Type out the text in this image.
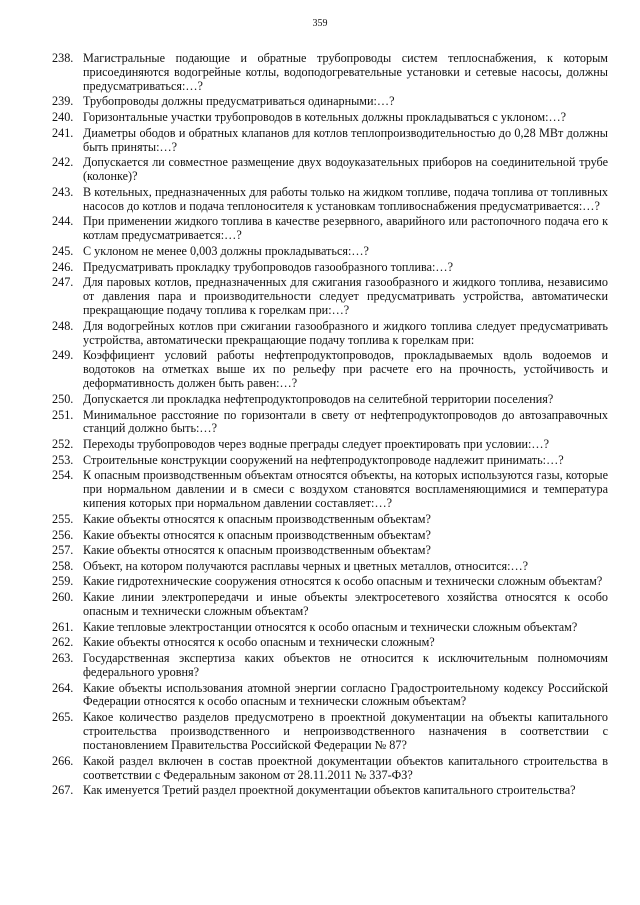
359
238. Магистральные подающие и обратные трубопроводы систем теплоснабжения, к которым присоединяются водогрейные котлы, водоподогревательные установки и сетевые насосы, должны предусматриваться:…?
239. Трубопроводы должны предусматриваться одинарными:…?
240. Горизонтальные участки трубопроводов в котельных должны прокладываться с уклоном:…?
241. Диаметры ободов и обратных клапанов для котлов теплопроизводительностью до 0,28 МВт должны быть приняты:…?
242. Допускается ли совместное размещение двух водоуказательных приборов на соединительной трубе (колонке)?
243. В котельных, предназначенных для работы только на жидком топливе, подача топлива от топливных насосов до котлов и подача теплоносителя к установкам топливоснабжения предусматривается:…?
244. При применении жидкого топлива в качестве резервного, аварийного или растопочного подача его к котлам предусматривается:…?
245. С уклоном не менее 0,003 должны прокладываться:…?
246. Предусматривать прокладку трубопроводов газообразного топлива:…?
247. Для паровых котлов, предназначенных для сжигания газообразного и жидкого топлива, независимо от давления пара и производительности следует предусматривать устройства, автоматически прекращающие подачу топлива к горелкам при:…?
248. Для водогрейных котлов при сжигании газообразного и жидкого топлива следует предусматривать устройства, автоматически прекращающие подачу топлива к горелкам при:
249. Коэффициент условий работы нефтепродуктопроводов, прокладываемых вдоль водоемов и водотоков на отметках выше их по рельефу при расчете его на прочность, устойчивость и деформативность должен быть равен:…?
250. Допускается ли прокладка нефтепродуктопроводов на селитебной территории поселения?
251. Минимальное расстояние по горизонтали в свету от нефтепродуктопроводов до автозаправочных станций должно быть:…?
252. Переходы трубопроводов через водные преграды следует проектировать при условии:…?
253. Строительные конструкции сооружений на нефтепродуктопроводе надлежит принимать:…?
254. К опасным производственным объектам относятся объекты, на которых используются газы, которые при нормальном давлении и в смеси с воздухом становятся воспламеняющимися и температура кипения которых при нормальном давлении составляет:…?
255. Какие объекты относятся к опасным производственным объектам?
256. Какие объекты относятся к опасным производственным объектам?
257. Какие объекты относятся к опасным производственным объектам?
258. Объект, на котором получаются расплавы черных и цветных металлов, относится:…?
259. Какие гидротехнические сооружения относятся к особо опасным и технически сложным объектам?
260. Какие линии электропередачи и иные объекты электросетевого хозяйства относятся к особо опасным и технически сложным объектам?
261. Какие тепловые электростанции относятся к особо опасным и технически сложным объектам?
262. Какие объекты относятся к особо опасным и технически сложным?
263. Государственная экспертиза каких объектов не относится к исключительным полномочиям федерального уровня?
264. Какие объекты использования атомной энергии согласно Градостроительному кодексу Российской Федерации относятся к особо опасным и технически сложным объектам?
265. Какое количество разделов предусмотрено в проектной документации на объекты капитального строительства производственного и непроизводственного назначения в соответствии с постановлением Правительства Российской Федерации № 87?
266. Какой раздел включен в состав проектной документации объектов капитального строительства в соответствии с Федеральным законом от 28.11.2011 № 337-ФЗ?
267. Как именуется Третий раздел проектной документации объектов капитального строительства?
